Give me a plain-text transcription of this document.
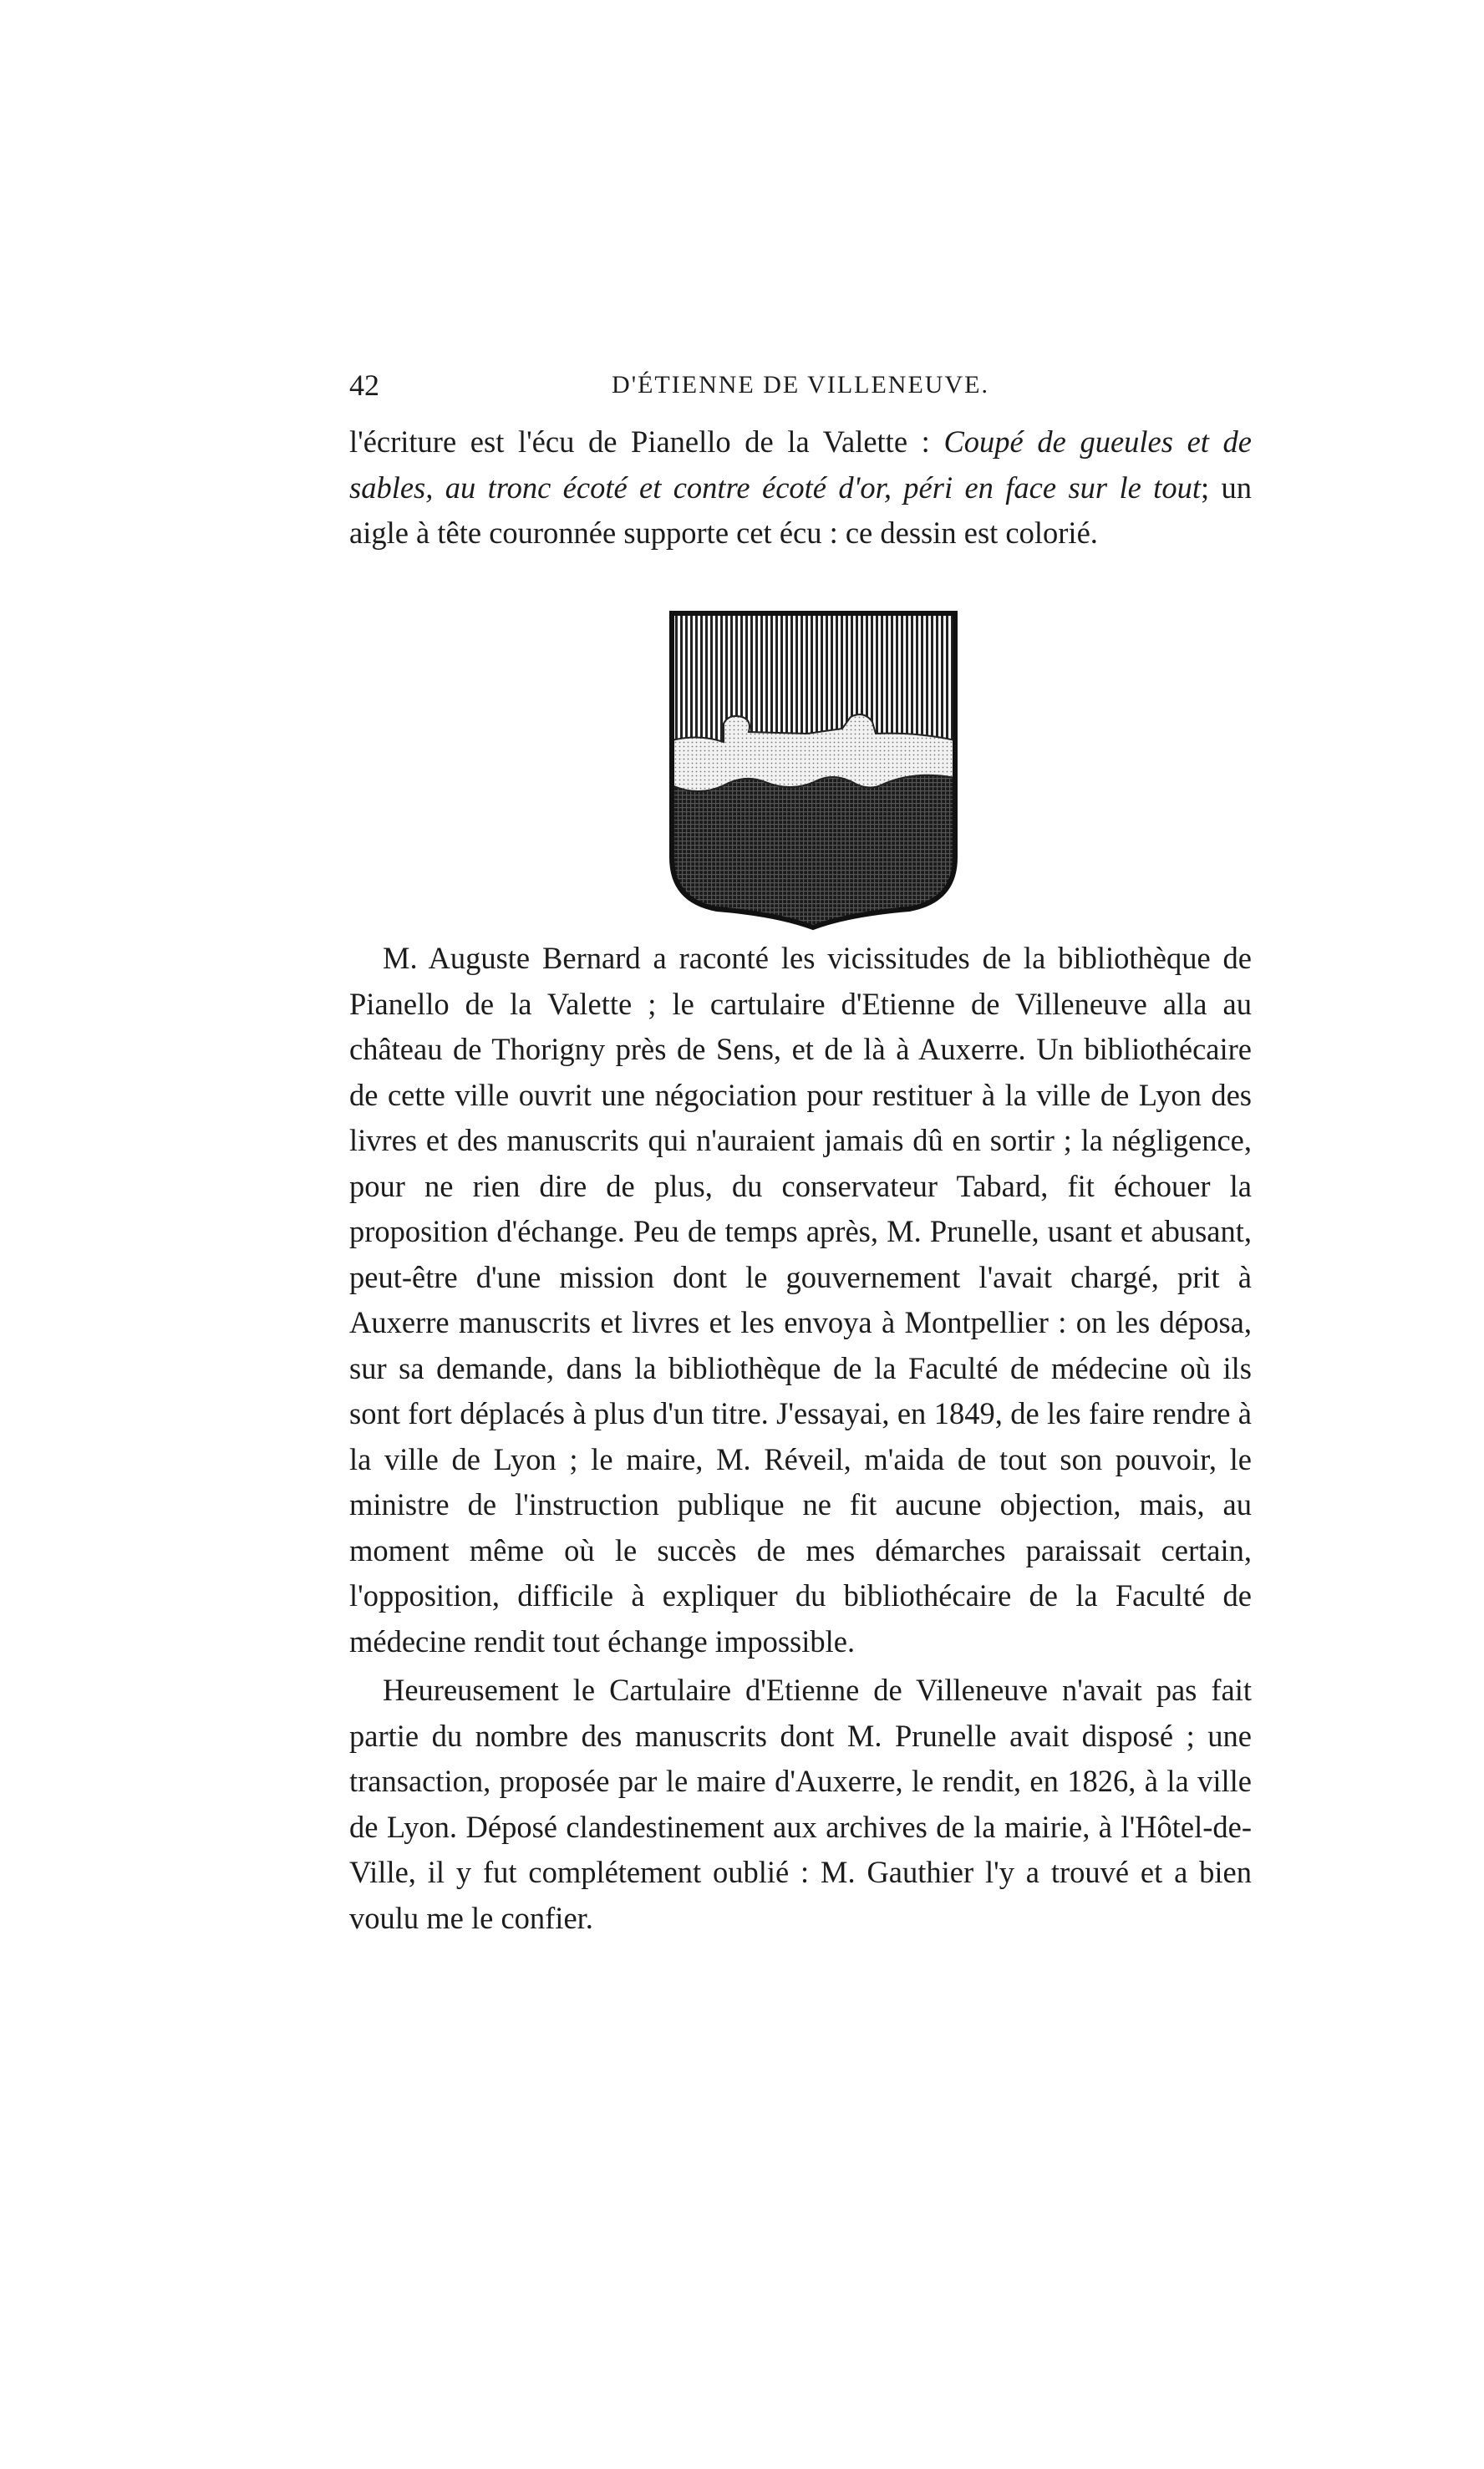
42	D'ÉTIENNE DE VILLENEUVE.

l'écriture est l'écu de Pianello de la Valette : Coupé de gueules et de sables, au tronc écoté et contre écoté d'or, péri en face sur le tout; un aigle à tête couronnée supporte cet écu : ce dessin est colorié.

M. Auguste Bernard a raconté les vicissitudes de la bibliothèque de Pianello de la Valette ; le cartulaire d'Etienne de Villeneuve alla au château de Thorigny près de Sens, et de là à Auxerre. Un bibliothécaire de cette ville ouvrit une négociation pour restituer à la ville de Lyon des livres et des manuscrits qui n'auraient jamais dû en sortir ; la négligence, pour ne rien dire de plus, du conservateur Tabard, fit échouer la proposition d'échange. Peu de temps après, M. Prunelle, usant et abusant, peut-être d'une mission dont le gouvernement l'avait chargé, prit à Auxerre manuscrits et livres et les envoya à Montpellier : on les déposa, sur sa demande, dans la bibliothèque de la Faculté de médecine où ils sont fort déplacés à plus d'un titre. J'essayai, en 1849, de les faire rendre à la ville de Lyon ; le maire, M. Réveil, m'aida de tout son pouvoir, le ministre de l'instruction publique ne fit aucune objection, mais, au moment même où le succès de mes démarches paraissait certain, l'opposition, difficile à expliquer du bibliothécaire de la Faculté de médecine rendit tout échange impossible.

Heureusement le Cartulaire d'Etienne de Villeneuve n'avait pas fait partie du nombre des manuscrits dont M. Prunelle avait disposé ; une transaction, proposée par le maire d'Auxerre, le rendit, en 1826, à la ville de Lyon. Déposé clandestinement aux archives de la mairie, à l'Hôtel-de-Ville, il y fut complétement oublié : M. Gauthier l'y a trouvé et a bien voulu me le confier.
